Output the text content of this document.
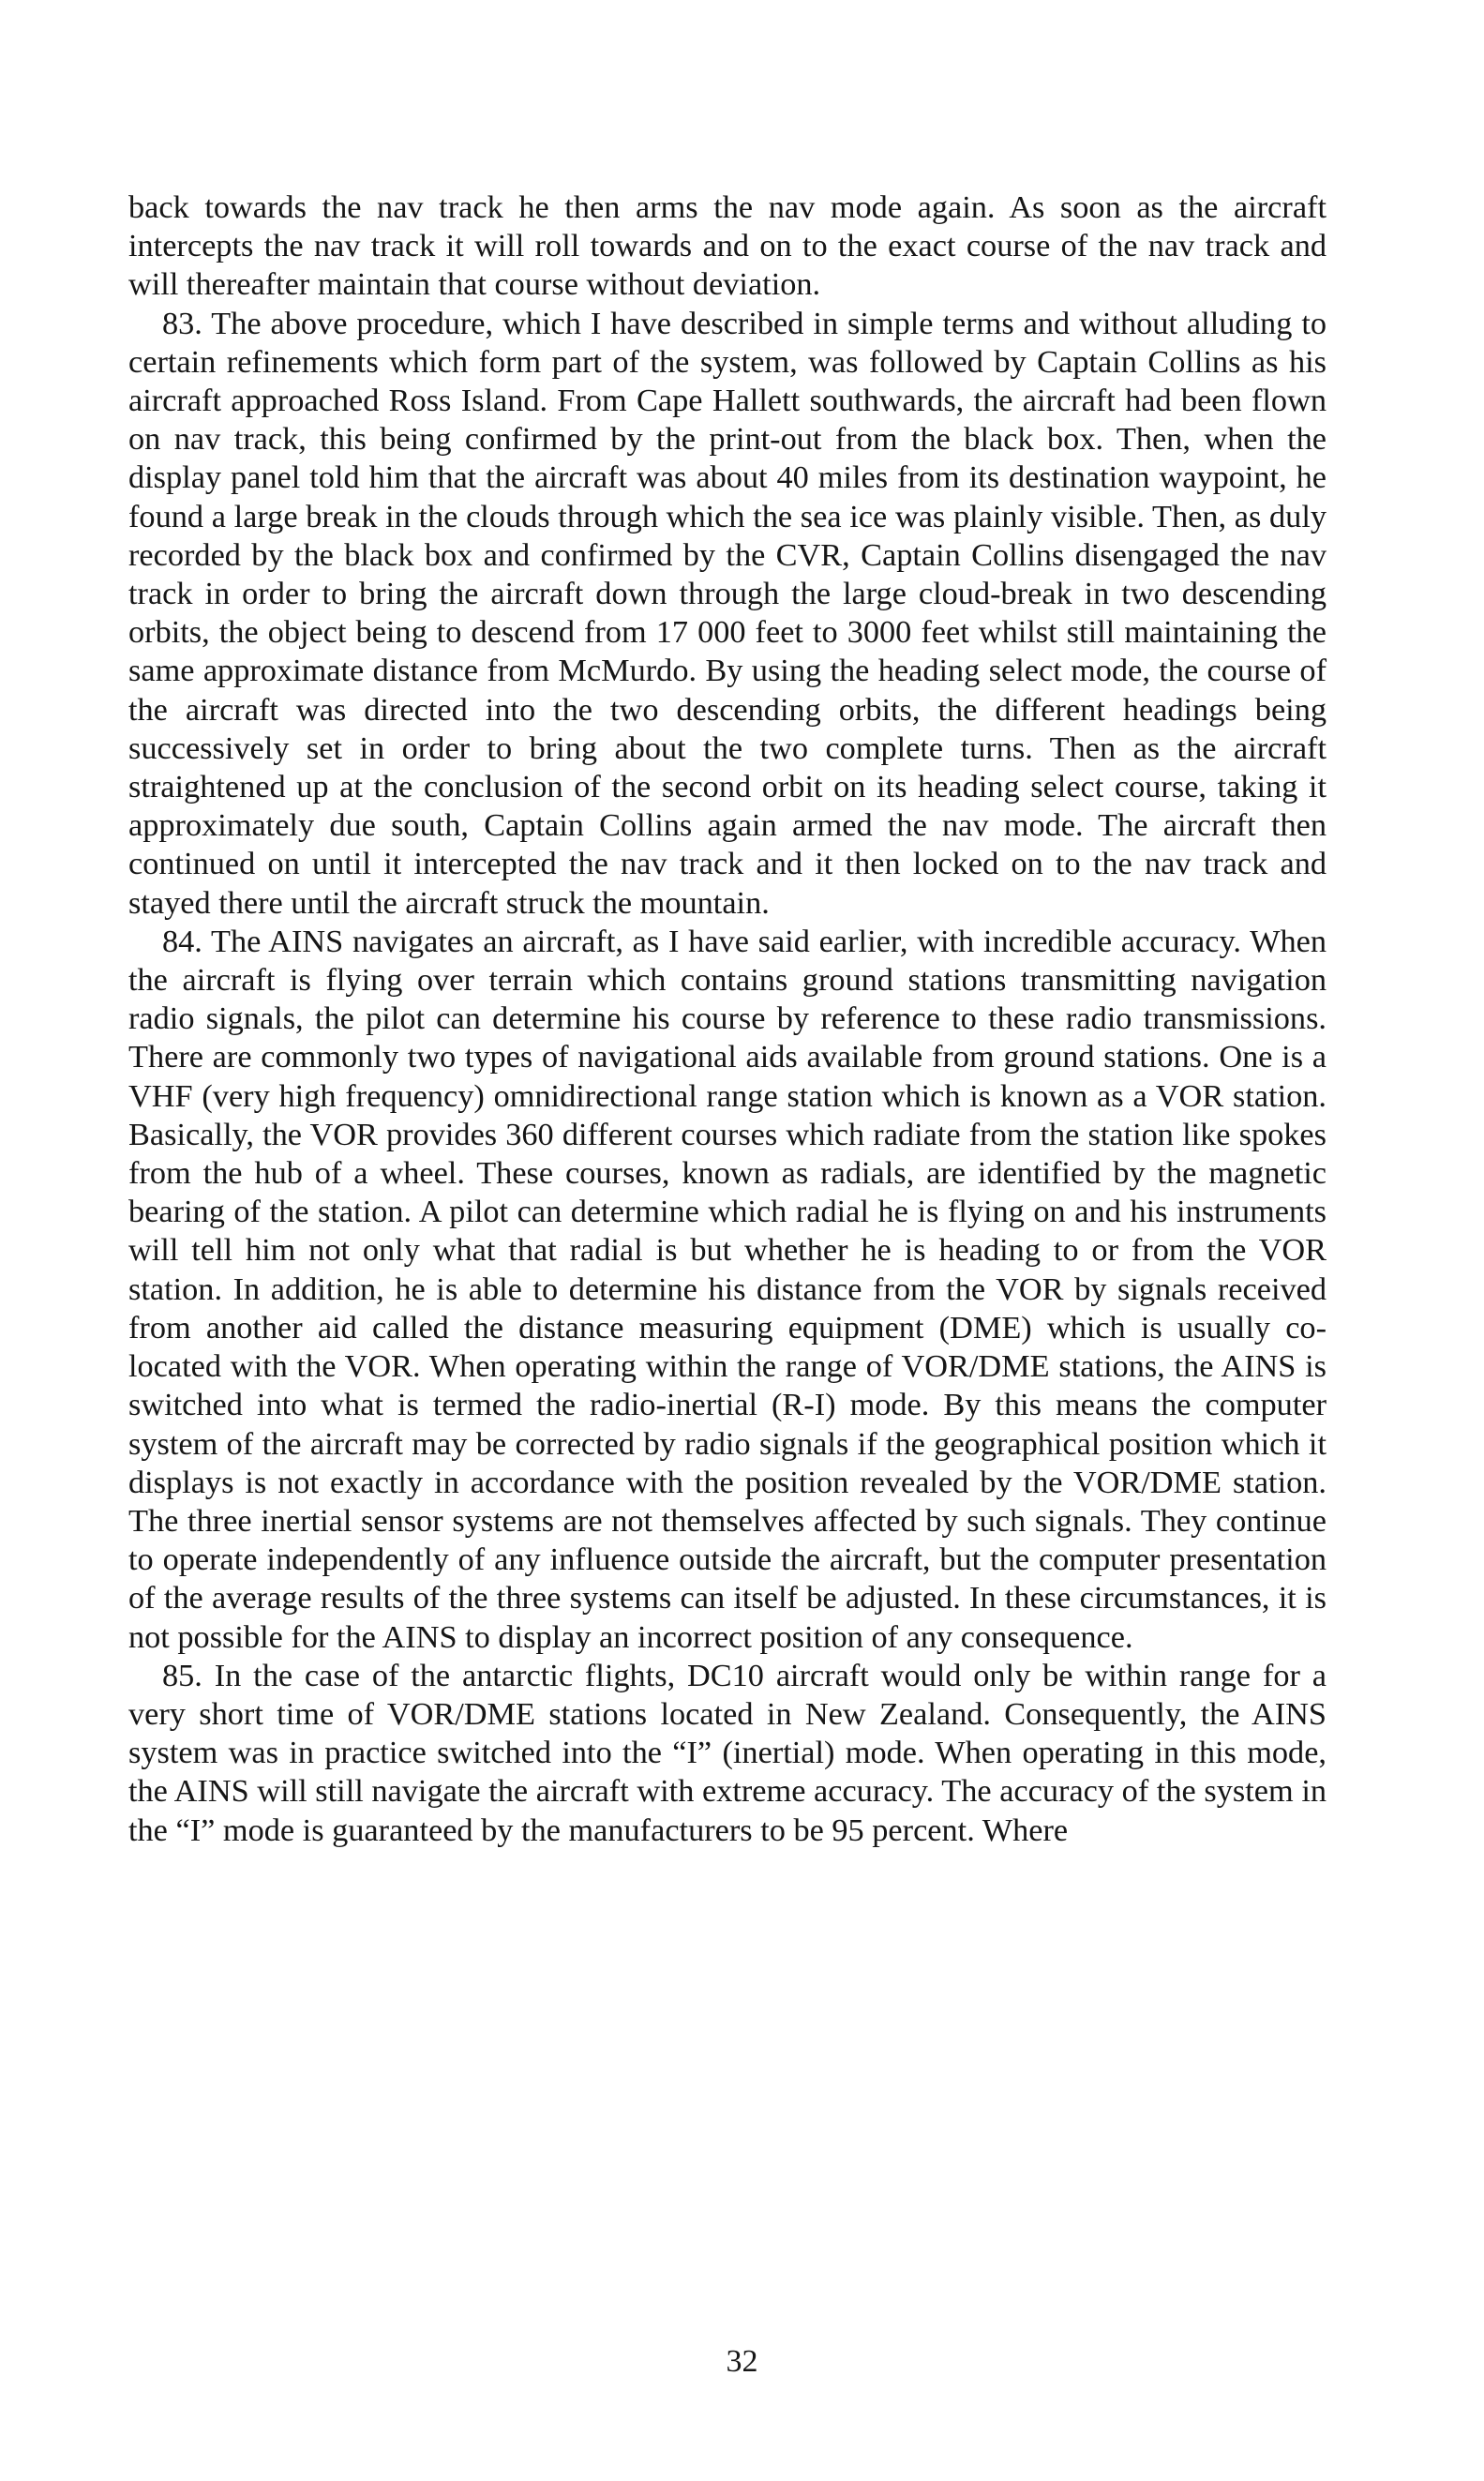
back towards the nav track he then arms the nav mode again. As soon as the aircraft intercepts the nav track it will roll towards and on to the exact course of the nav track and will thereafter maintain that course without deviation.

83. The above procedure, which I have described in simple terms and without alluding to certain refinements which form part of the system, was followed by Captain Collins as his aircraft approached Ross Island. From Cape Hallett southwards, the aircraft had been flown on nav track, this being confirmed by the print-out from the black box. Then, when the display panel told him that the aircraft was about 40 miles from its destination waypoint, he found a large break in the clouds through which the sea ice was plainly visible. Then, as duly recorded by the black box and confirmed by the CVR, Captain Collins disengaged the nav track in order to bring the aircraft down through the large cloud-break in two descending orbits, the object being to descend from 17 000 feet to 3000 feet whilst still maintaining the same approximate distance from McMurdo. By using the heading select mode, the course of the aircraft was directed into the two descending orbits, the different headings being successively set in order to bring about the two complete turns. Then as the aircraft straightened up at the conclusion of the second orbit on its heading select course, taking it approximately due south, Captain Collins again armed the nav mode. The aircraft then continued on until it intercepted the nav track and it then locked on to the nav track and stayed there until the aircraft struck the mountain.

84. The AINS navigates an aircraft, as I have said earlier, with incredible accuracy. When the aircraft is flying over terrain which contains ground stations transmitting navigation radio signals, the pilot can determine his course by reference to these radio transmissions. There are commonly two types of navigational aids available from ground stations. One is a VHF (very high frequency) omnidirectional range station which is known as a VOR station. Basically, the VOR provides 360 different courses which radiate from the station like spokes from the hub of a wheel. These courses, known as radials, are identified by the magnetic bearing of the station. A pilot can determine which radial he is flying on and his instruments will tell him not only what that radial is but whether he is heading to or from the VOR station. In addition, he is able to determine his distance from the VOR by signals received from another aid called the distance measuring equipment (DME) which is usually co-located with the VOR. When operating within the range of VOR/DME stations, the AINS is switched into what is termed the radio-inertial (R-I) mode. By this means the computer system of the aircraft may be corrected by radio signals if the geographical position which it displays is not exactly in accordance with the position revealed by the VOR/DME station. The three inertial sensor systems are not themselves affected by such signals. They continue to operate independently of any influence outside the aircraft, but the computer presentation of the average results of the three systems can itself be adjusted. In these circumstances, it is not possible for the AINS to display an incorrect position of any consequence.

85. In the case of the antarctic flights, DC10 aircraft would only be within range for a very short time of VOR/DME stations located in New Zealand. Consequently, the AINS system was in practice switched into the “I” (inertial) mode. When operating in this mode, the AINS will still navigate the aircraft with extreme accuracy. The accuracy of the system in the “I” mode is guaranteed by the manufacturers to be 95 percent. Where

32
